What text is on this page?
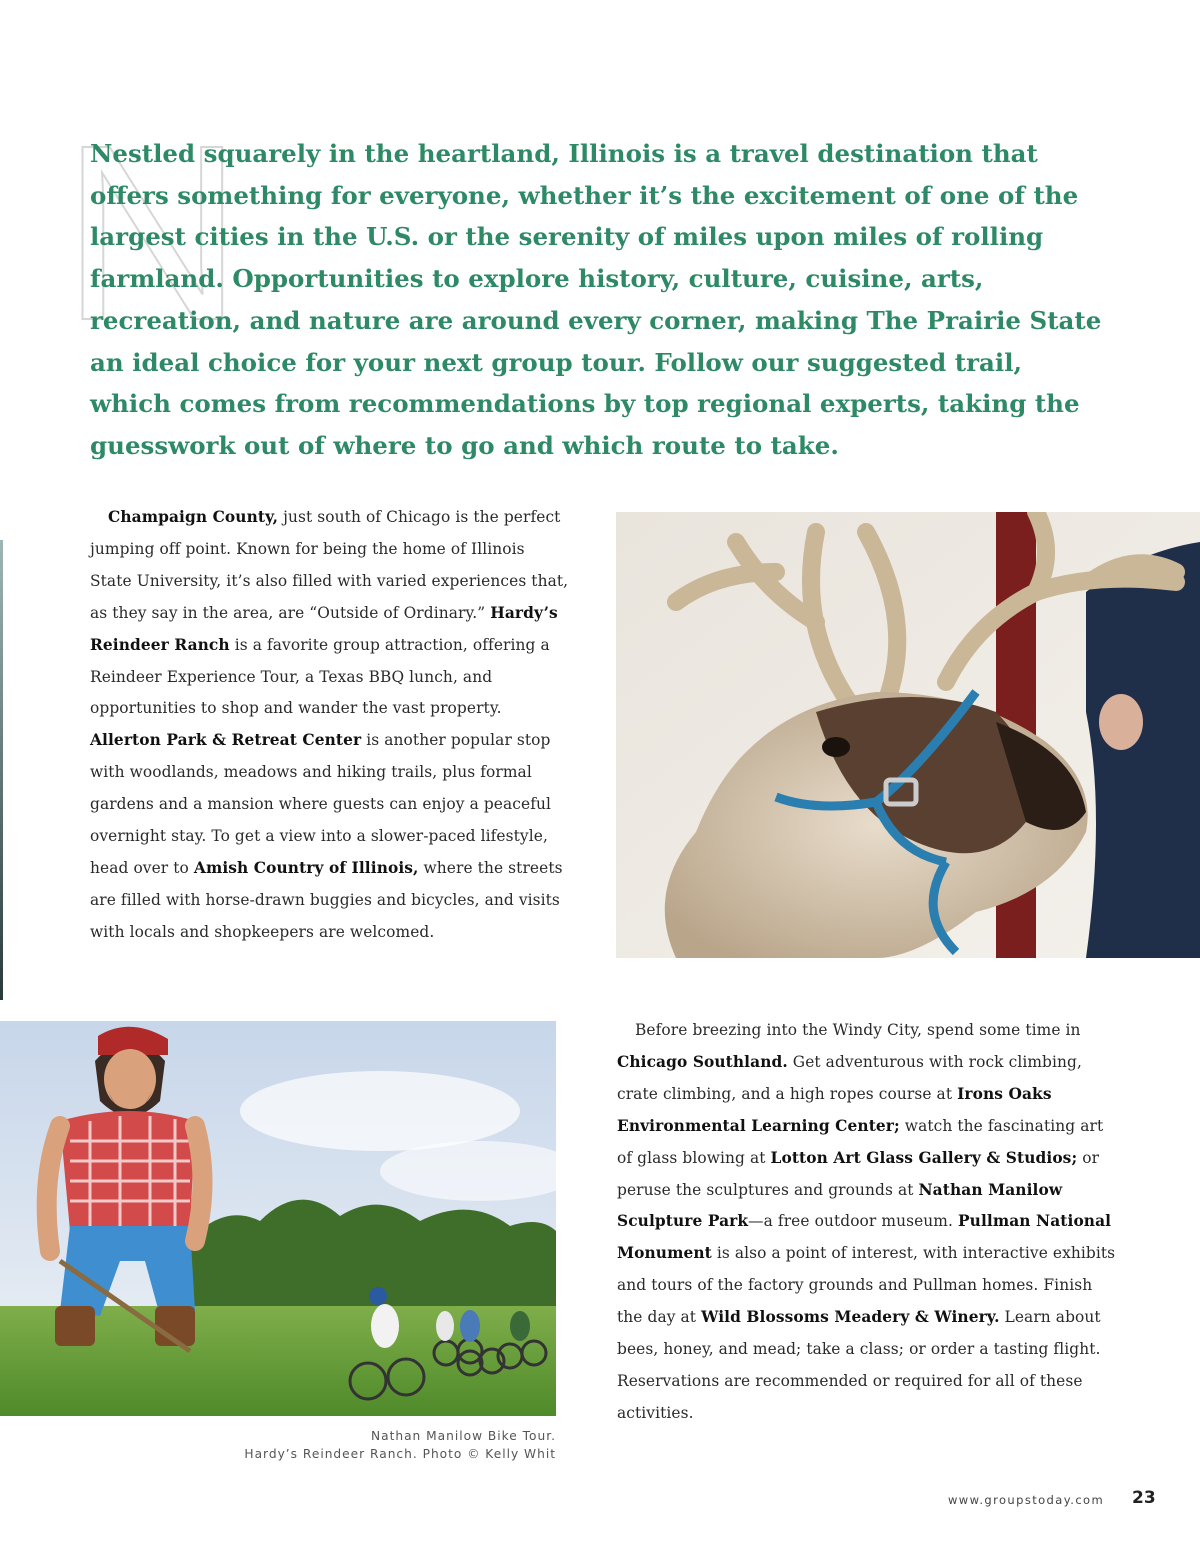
N

Nestled squarely in the heartland, Illinois is a travel destination that offers something for everyone, whether it’s the excitement of one of the largest cities in the U.S. or the serenity of miles upon miles of rolling farmland. Opportunities to explore history, culture, cuisine, arts, recreation, and nature are around every corner, making The Prairie State an ideal choice for your next group tour. Follow our suggested trail, which comes from recommendations by top regional experts, taking the guesswork out of where to go and which route to take.

Champaign County, just south of Chicago is the perfect jumping off point. Known for being the home of Illinois State University, it’s also filled with varied experiences that, as they say in the area, are “Outside of Ordinary.” Hardy’s Reindeer Ranch is a favorite group attraction, offering a Reindeer Experience Tour, a Texas BBQ lunch, and opportunities to shop and wander the vast property. Allerton Park & Retreat Center is another popular stop with woodlands, meadows and hiking trails, plus formal gardens and a mansion where guests can enjoy a peaceful overnight stay. To get a view into a slower-paced lifestyle, head over to Amish Country of Illinois, where the streets are filled with horse-drawn buggies and bicycles, and visits with locals and shopkeepers are welcomed.

Nathan Manilow Bike Tour.
Hardy’s Reindeer Ranch. Photo © Kelly Whit

Before breezing into the Windy City, spend some time in Chicago Southland. Get adventurous with rock climbing, crate climbing, and a high ropes course at Irons Oaks Environmental Learning Center; watch the fascinating art of glass blowing at Lotton Art Glass Gallery & Studios; or peruse the sculptures and grounds at Nathan Manilow Sculpture Park—a free outdoor museum. Pullman National Monument is also a point of interest, with interactive exhibits and tours of the factory grounds and Pullman homes. Finish the day at Wild Blossoms Meadery & Winery. Learn about bees, honey, and mead; take a class; or order a tasting flight. Reservations are recommended or required for all of these activities.

www.groupstoday.com 23
